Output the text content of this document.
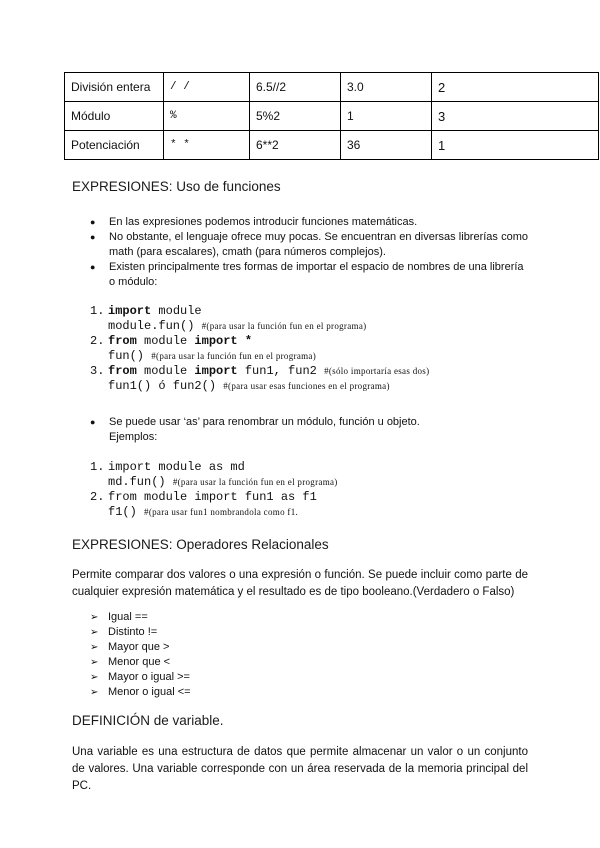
División entera	/ /	6.5//2	3.0	2
Módulo	%	5%2	1	3
Potenciación	* *	6**2	36	1
EXPRESIONES: Uso de funciones
● En las expresiones podemos introducir funciones matemáticas.
● No obstante, el lenguaje ofrece muy pocas. Se encuentran en diversas librerías como math (para escalares), cmath (para números complejos).
● Existen principalmente tres formas de importar el espacio de nombres de una librería o módulo:
1. import module
module.fun() #(para usar la función fun en el programa)
2. from module import *
fun() #(para usar la función fun en el programa)
3. from module import fun1, fun2 #(sólo importaría esas dos)
fun1() ó fun2() #(para usar esas funciones en el programa)
● Se puede usar ‘as’ para renombrar un módulo, función u objeto.
Ejemplos:
1. import module as md
md.fun() #(para usar la función fun en el programa)
2. from module import fun1 as f1
f1() #(para usar fun1 nombrandola como f1.
EXPRESIONES: Operadores Relacionales
Permite comparar dos valores o una expresión o función. Se puede incluir como parte de cualquier expresión matemática y el resultado es de tipo booleano.(Verdadero o Falso)
➢ Igual ==
➢ Distinto !=
➢ Mayor que >
➢ Menor que <
➢ Mayor o igual >=
➢ Menor o igual <=
DEFINICIÓN de variable.
Una variable es una estructura de datos que permite almacenar un valor o un conjunto de valores. Una variable corresponde con un área reservada de la memoria principal del PC.
